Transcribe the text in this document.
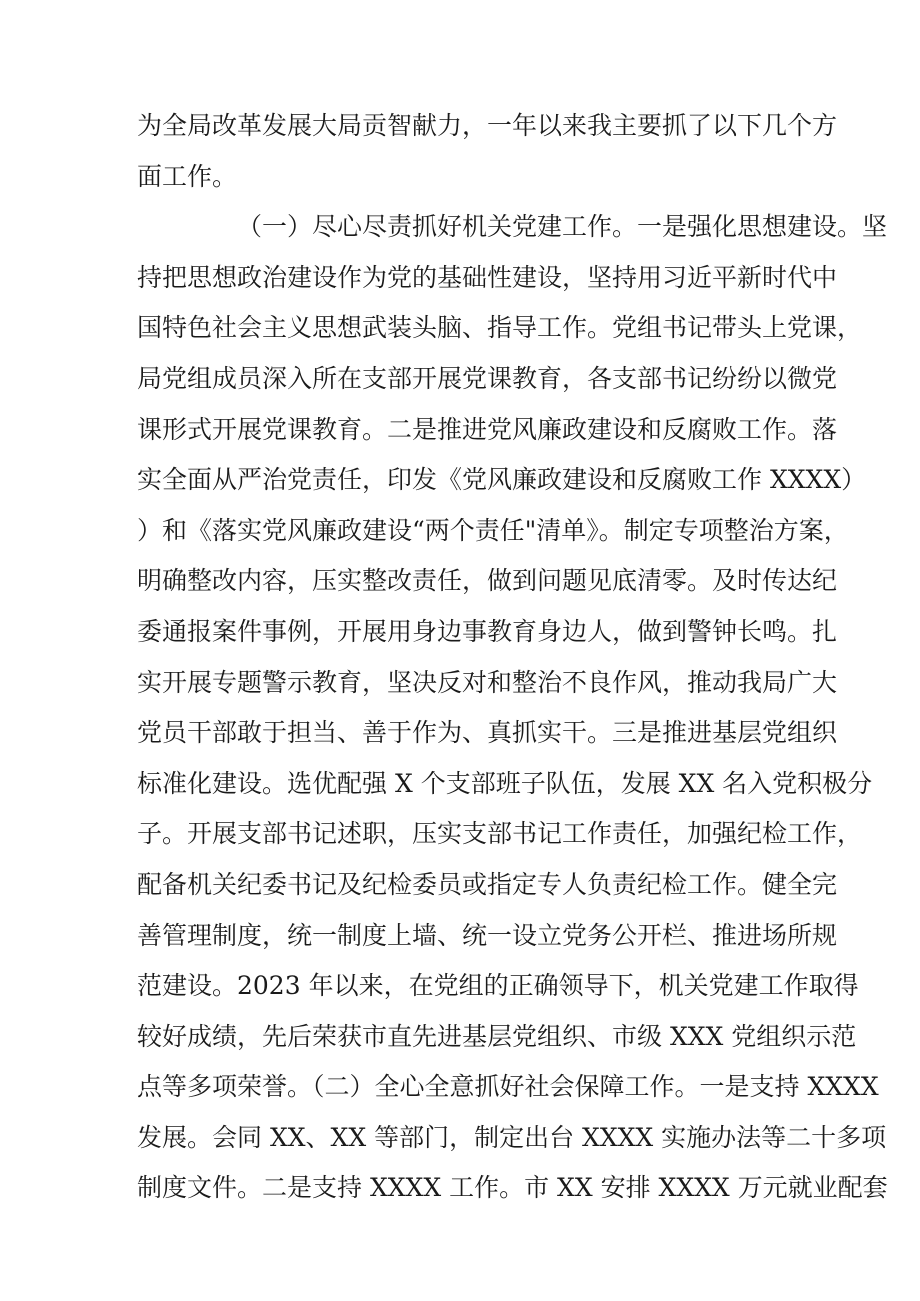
为全局改革发展大局贡智献力，一年以来我主要抓了以下几个方
面工作。
（一）尽心尽责抓好机关党建工作。一是强化思想建设。坚
持把思想政治建设作为党的基础性建设，坚持用习近平新时代中
国特色社会主义思想武装头脑、指导工作。党组书记带头上党课，
局党组成员深入所在支部开展党课教育，各支部书记纷纷以微党
课形式开展党课教育。二是推进党风廉政建设和反腐败工作。落
实全面从严治党责任，印发《党风廉政建设和反腐败工作 XXXX）
）和《落实党风廉政建设“两个责任"清单》。制定专项整治方案，
明确整改内容，压实整改责任，做到问题见底清零。及时传达纪
委通报案件事例，开展用身边事教育身边人，做到警钟长鸣。扎
实开展专题警示教育，坚决反对和整治不良作风，推动我局广大
党员干部敢于担当、善于作为、真抓实干。三是推进基层党组织
标准化建设。选优配强 X 个支部班子队伍，发展 XX 名入党积极分
子。开展支部书记述职，压实支部书记工作责任，加强纪检工作，
配备机关纪委书记及纪检委员或指定专人负责纪检工作。健全完
善管理制度，统一制度上墙、统一设立党务公开栏、推进场所规
范建设。2023 年以来，在党组的正确领导下，机关党建工作取得
较好成绩，先后荣获市直先进基层党组织、市级 XXX 党组织示范
点等多项荣誉。（二）全心全意抓好社会保障工作。一是支持 XXXX
发展。会同 XX、XX 等部门，制定出台 XXXX 实施办法等二十多项
制度文件。二是支持 XXXX 工作。市 XX 安排 XXXX 万元就业配套
